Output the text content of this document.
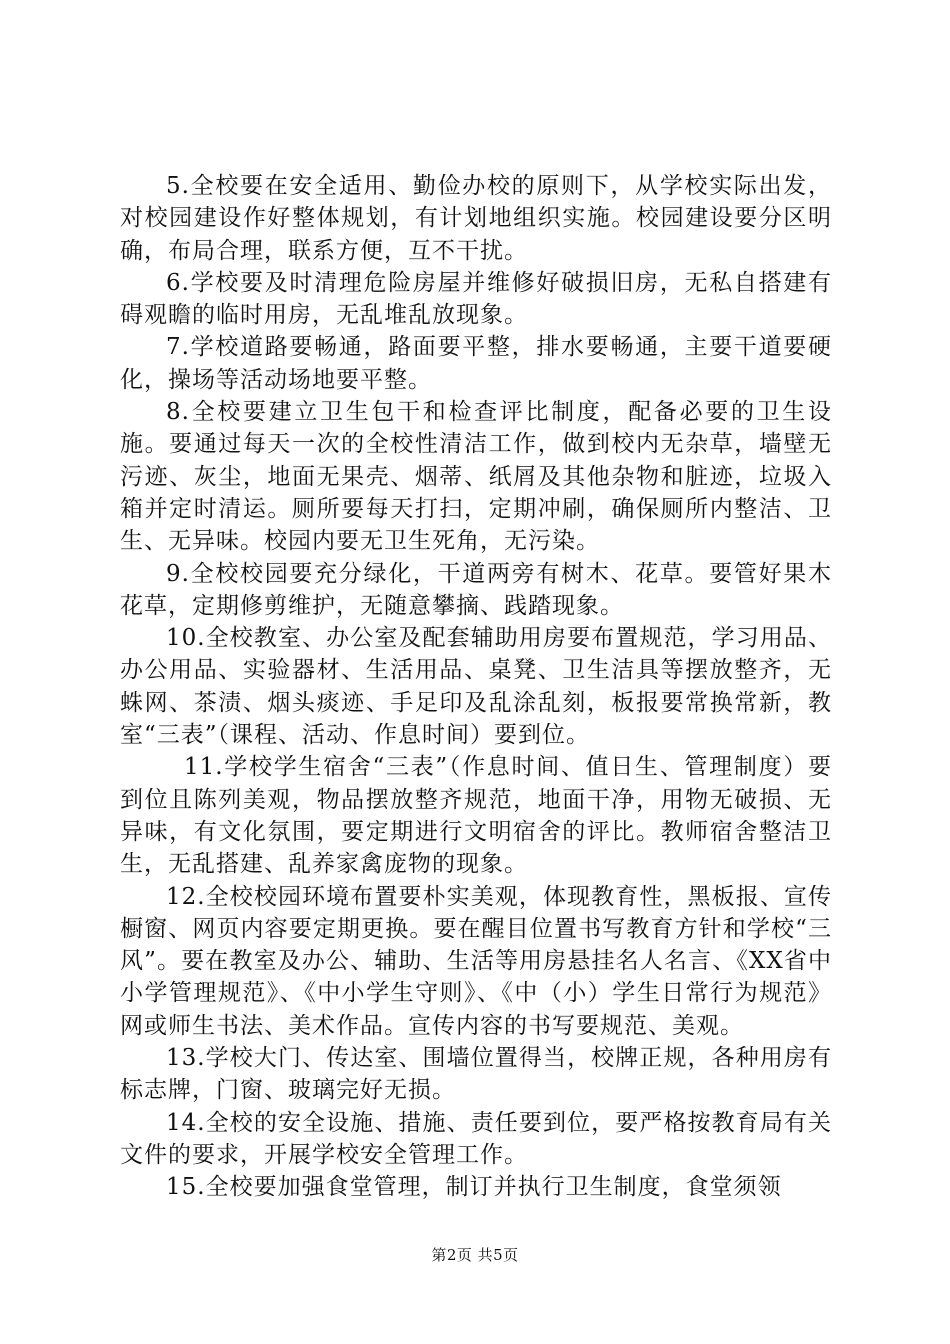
5.全校要在安全适用、勤俭办校的原则下，从学校实际出发，对校园建设作好整体规划，有计划地组织实施。校园建设要分区明确，布局合理，联系方便，互不干扰。

6.学校要及时清理危险房屋并维修好破损旧房，无私自搭建有碍观瞻的临时用房，无乱堆乱放现象。

7.学校道路要畅通，路面要平整，排水要畅通，主要干道要硬化，操场等活动场地要平整。

8.全校要建立卫生包干和检查评比制度，配备必要的卫生设施。要通过每天一次的全校性清洁工作，做到校内无杂草，墙壁无污迹、灰尘，地面无果壳、烟蒂、纸屑及其他杂物和脏迹，垃圾入箱并定时清运。厕所要每天打扫，定期冲刷，确保厕所内整洁、卫生、无异味。校园内要无卫生死角，无污染。

9.全校校园要充分绿化，干道两旁有树木、花草。要管好果木花草，定期修剪维护，无随意攀摘、践踏现象。

10.全校教室、办公室及配套辅助用房要布置规范，学习用品、办公用品、实验器材、生活用品、桌凳、卫生洁具等摆放整齐，无蛛网、茶渍、烟头痰迹、手足印及乱涂乱刻，板报要常换常新，教室“三表”（课程、活动、作息时间）要到位。

11.学校学生宿舍“三表”（作息时间、值日生、管理制度）要到位且陈列美观，物品摆放整齐规范，地面干净，用物无破损、无异味，有文化氛围，要定期进行文明宿舍的评比。教师宿舍整洁卫生，无乱搭建、乱养家禽庞物的现象。

12.全校校园环境布置要朴实美观，体现教育性，黑板报、宣传橱窗、网页内容要定期更换。要在醒目位置书写教育方针和学校“三风”。要在教室及办公、辅助、生活等用房悬挂名人名言、《XX省中小学管理规范》、《中小学生守则》、《中（小）学生日常行为规范》网或师生书法、美术作品。宣传内容的书写要规范、美观。

13.学校大门、传达室、围墙位置得当，校牌正规，各种用房有标志牌，门窗、玻璃完好无损。

14.全校的安全设施、措施、责任要到位，要严格按教育局有关文件的要求，开展学校安全管理工作。

15.全校要加强食堂管理，制订并执行卫生制度，食堂须领

第2页 共5页
